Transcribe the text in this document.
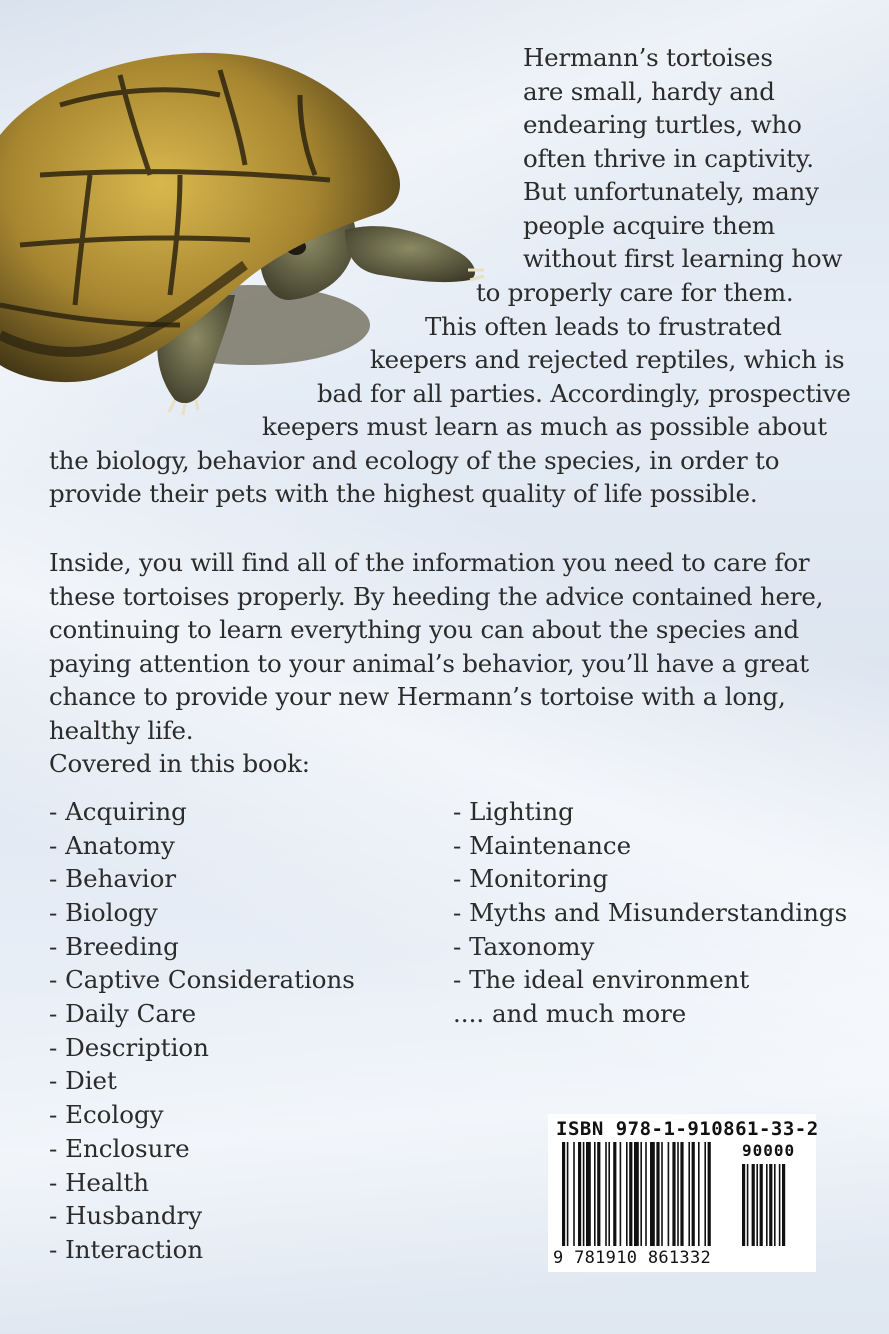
Hermann’s tortoises
are small, hardy and
endearing turtles, who
often thrive in captivity.
But unfortunately, many
people acquire them
without first learning how
to properly care for them.
This often leads to frustrated
keepers and rejected reptiles, which is
bad for all parties. Accordingly, prospective
keepers must learn as much as possible about
the biology, behavior and ecology of the species, in order to
provide their pets with the highest quality of life possible.
Inside, you will find all of the information you need to care for
these tortoises properly. By heeding the advice contained here,
continuing to learn everything you can about the species and
paying attention to your animal’s behavior, you’ll have a great
chance to provide your new Hermann’s tortoise with a long,
healthy life.
Covered in this book:
- Acquiring
- Anatomy
- Behavior
- Biology
- Breeding
- Captive Considerations
- Daily Care
- Description
- Diet
- Ecology
- Enclosure
- Health
- Husbandry
- Interaction
- Lighting
- Maintenance
- Monitoring
- Myths and Misunderstandings
- Taxonomy
- The ideal environment
.... and much more
ISBN 978-1-910861-33-2
90000
9 781910 861332
